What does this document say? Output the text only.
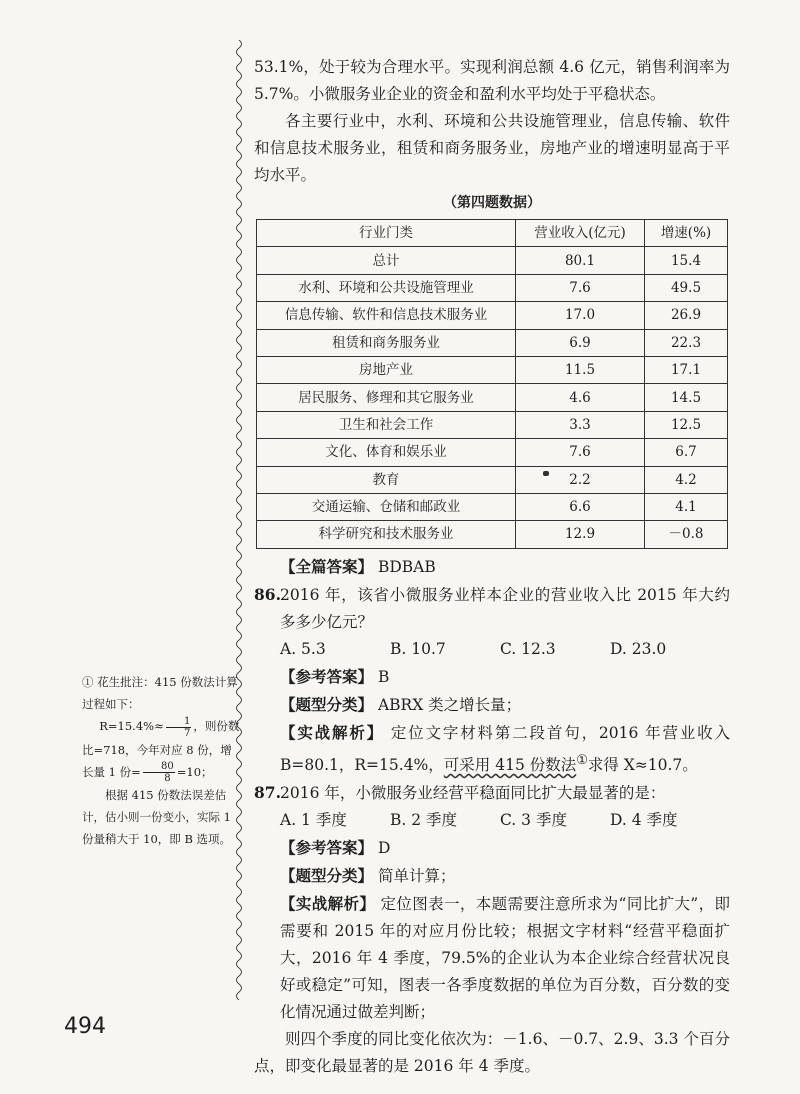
53.1%，处于较为合理水平。实现利润总额 4.6 亿元，销售利润率为 5.7%。小微服务业企业的资金和盈利水平均处于平稳状态。

各主要行业中，水利、环境和公共设施管理业，信息传输、软件和信息技术服务业，租赁和商务服务业，房地产业的增速明显高于平均水平。

（第四题数据）
行业门类	营业收入(亿元)	增速(%)
总计	80.1	15.4
水利、环境和公共设施管理业	7.6	49.5
信息传输、软件和信息技术服务业	17.0	26.9
租赁和商务服务业	6.9	22.3
房地产业	11.5	17.1
居民服务、修理和其它服务业	4.6	14.5
卫生和社会工作	3.3	12.5
文化、体育和娱乐业	7.6	6.7
教育	2.2	4.2
交通运输、仓储和邮政业	6.6	4.1
科学研究和技术服务业	12.9	－0.8

【全篇答案】 BDBAB

86.2016 年，该省小微服务业样本企业的营业收入比 2015 年大约多多少亿元？

A. 5.3	B. 10.7	C. 12.3	D. 23.0

【参考答案】 B

【题型分类】 ABRX 类之增长量；

【实战解析】 定位文字材料第二段首句，2016 年营业收入 B=80.1，R=15.4%，可采用 415 份数法①求得 X≈10.7。

87.2016 年，小微服务业经营平稳面同比扩大最显著的是：

A. 1 季度	B. 2 季度	C. 3 季度	D. 4 季度

【参考答案】 D

【题型分类】 简单计算；

【实战解析】 定位图表一，本题需要注意所求为“同比扩大”，即需要和 2015 年的对应月份比较；根据文字材料“经营平稳面扩大，2016 年 4 季度，79.5%的企业认为本企业综合经营状况良好或稳定”可知，图表一各季度数据的单位为百分数，百分数的变化情况通过做差判断；

则四个季度的同比变化依次为：－1.6、－0.7、2.9、3.3 个百分点，即变化最显著的是 2016 年 4 季度。

① 花生批注：415 份数法计算过程如下：

$R=15.4\%\approx \frac{1}{7}$ ，则份数比=718，今年对应 8 份，增长量 1 份= $\frac{80}{8} =10$；

根据 415 份数法误差估计，估小则一份变小，实际 1 份量稍大于 10，即 B 选项。

494
